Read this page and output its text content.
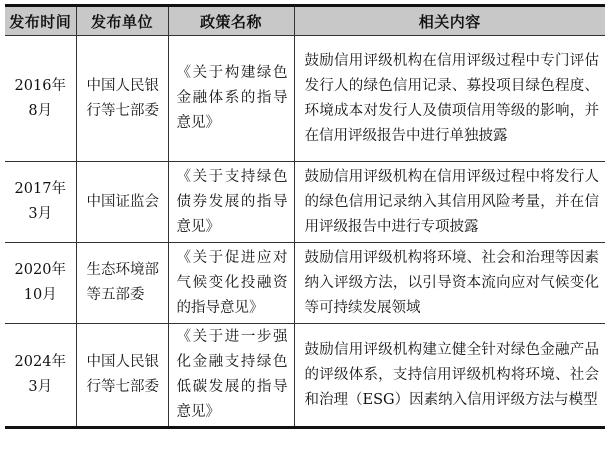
发布时间	发布单位	政策名称	相关内容

2016年
8月	中国人民银行等七部委	《关于构建绿色金融体系的指导意见》	鼓励信用评级机构在信用评级过程中专门评估发行人的绿色信用记录、募投项目绿色程度、环境成本对发行人及债项信用等级的影响，并在信用评级报告中进行单独披露

2017年
3月	中国证监会	《关于支持绿色债券发展的指导意见》	鼓励信用评级机构在信用评级过程中将发行人的绿色信用记录纳入其信用风险考量，并在信用评级报告中进行专项披露

2020年
10月	生态环境部等五部委	《关于促进应对气候变化投融资的指导意见》	鼓励信用评级机构将环境、社会和治理等因素纳入评级方法，以引导资本流向应对气候变化等可持续发展领域

2024年
3月	中国人民银行等七部委	《关于进一步强化金融支持绿色低碳发展的指导意见》	鼓励信用评级机构建立健全针对绿色金融产品的评级体系，支持信用评级机构将环境、社会和治理（ESG）因素纳入信用评级方法与模型
